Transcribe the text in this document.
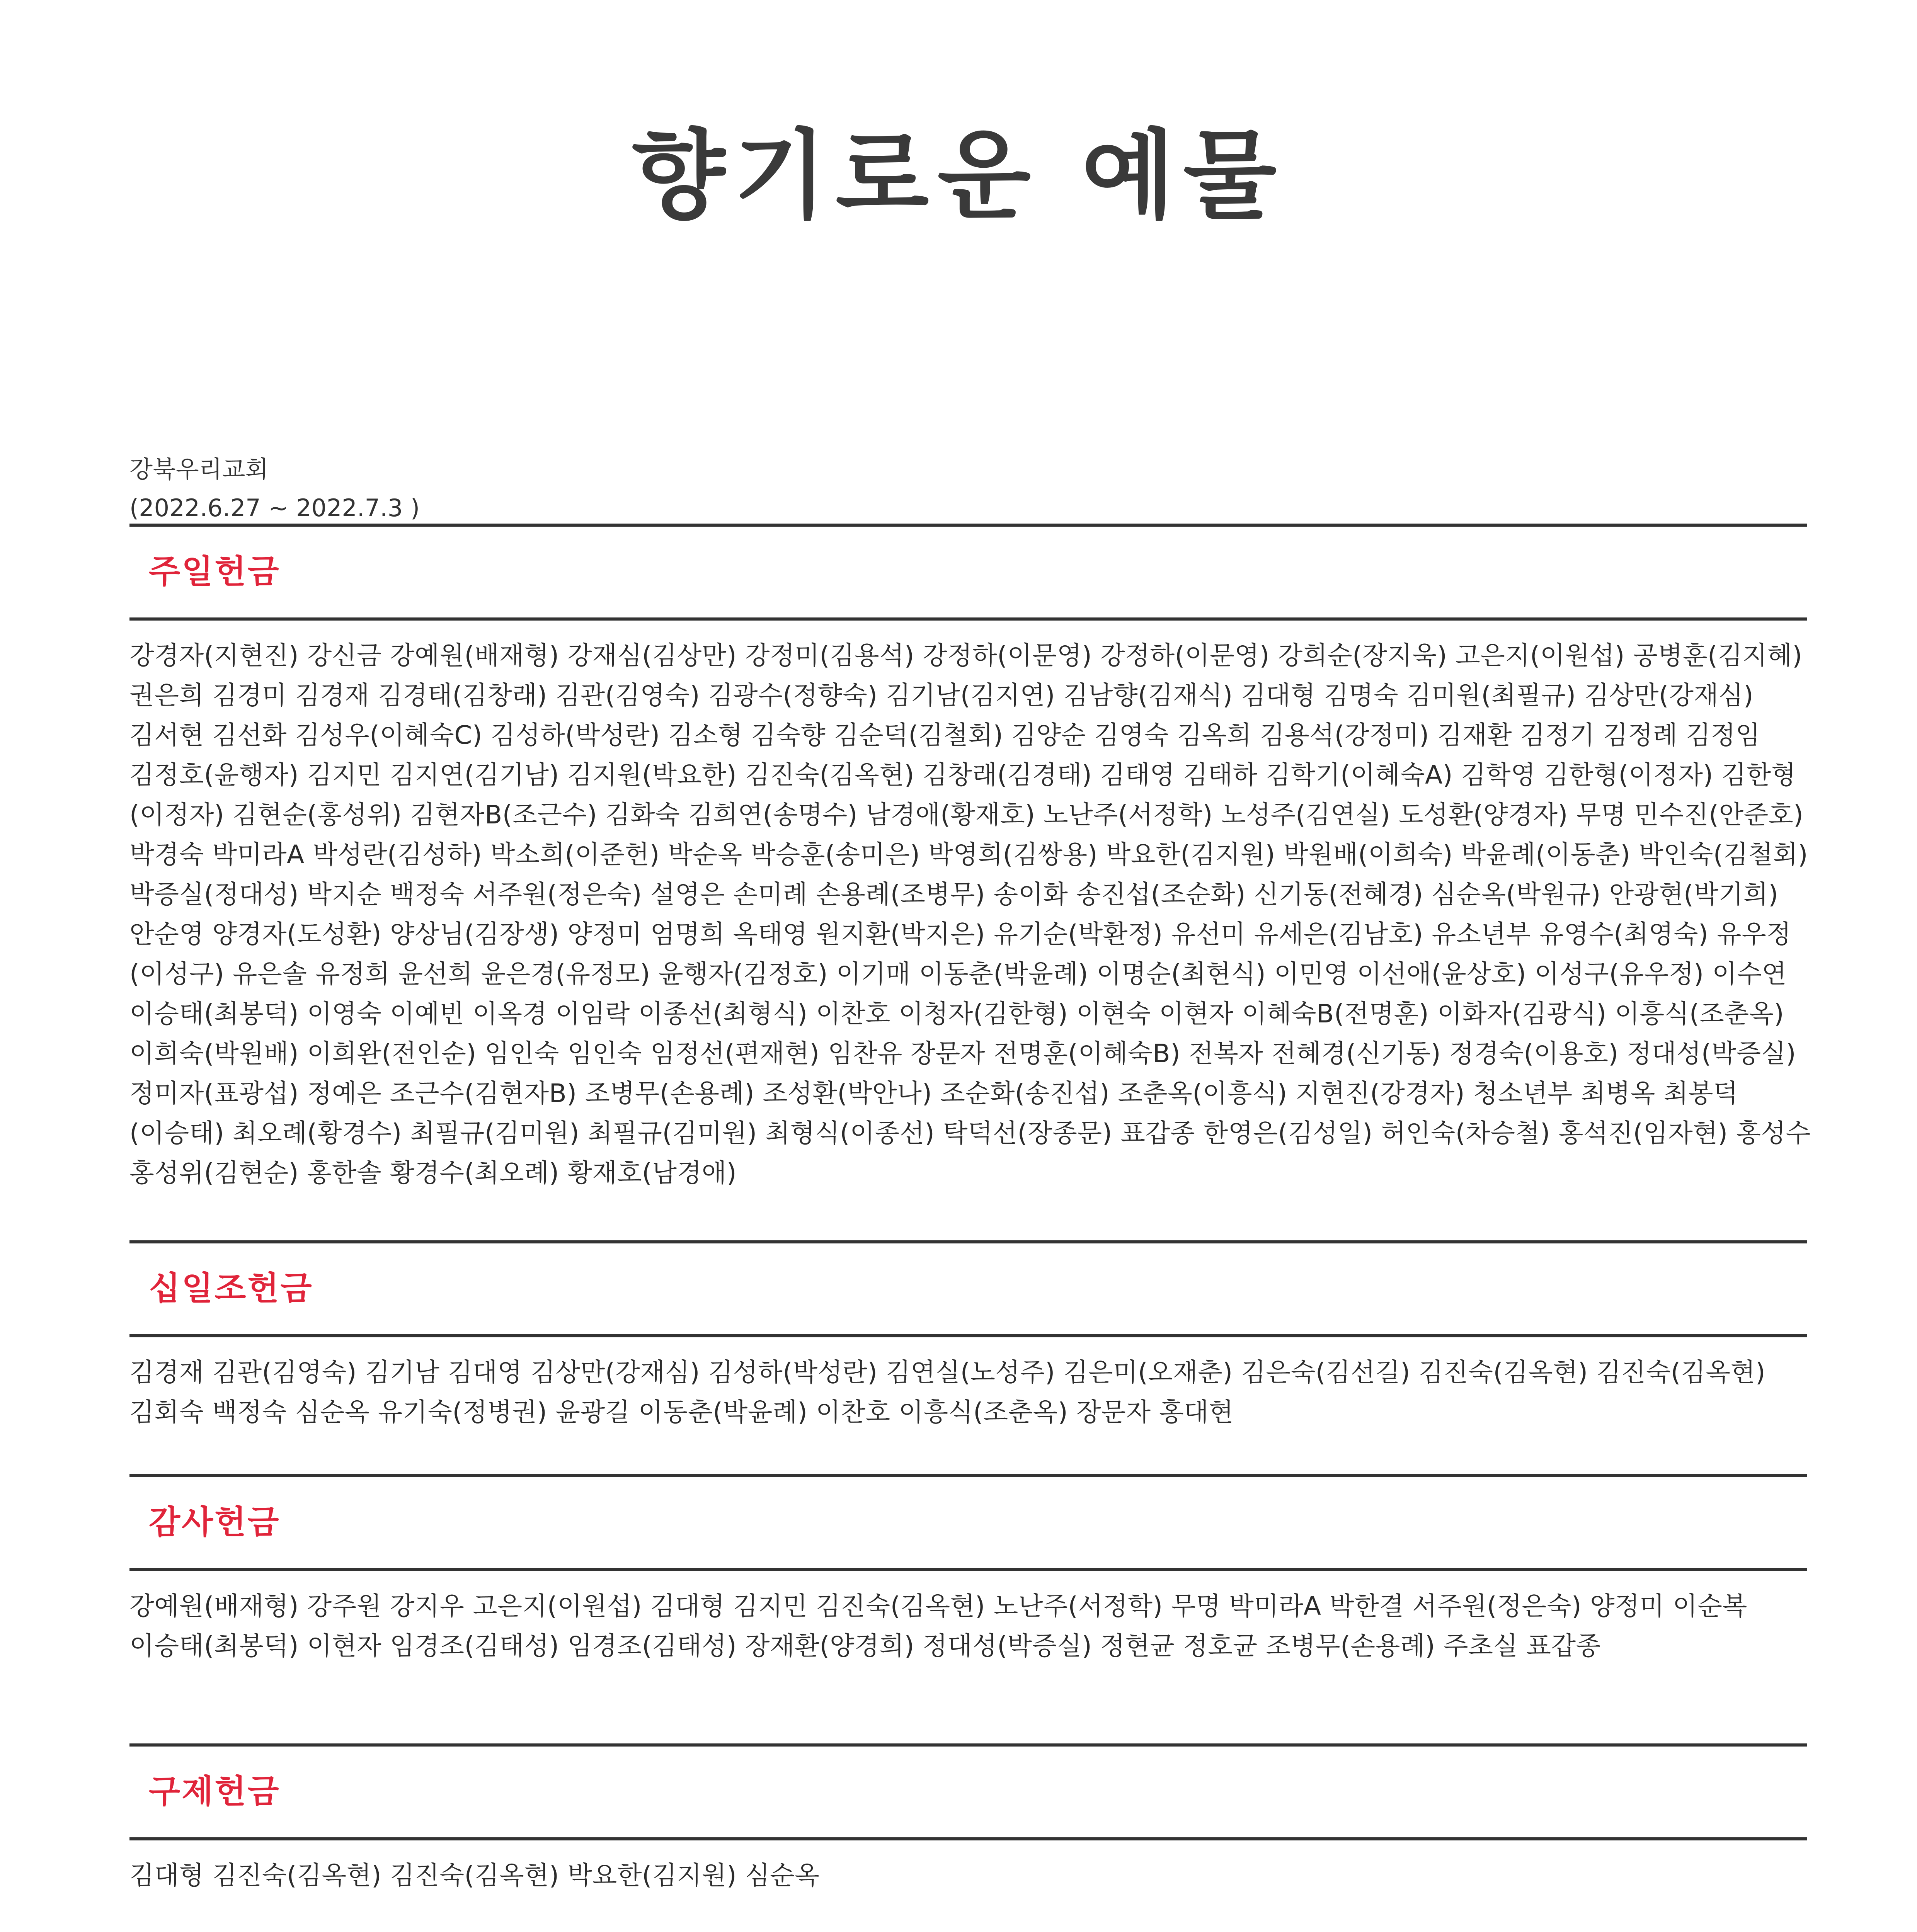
향기로운 예물
강북우리교회
(2022.6.27 ~ 2022.7.3 )
주일헌금
강경자(지현진) 강신금 강예원(배재형) 강재심(김상만) 강정미(김용석) 강정하(이문영) 강정하(이문영) 강희순(장지욱) 고은지(이원섭) 공병훈(김지혜) 권은희 김경미 김경재 김경태(김창래) 김관(김영숙) 김광수(정향숙) 김기남(김지연) 김남향(김재식) 김대형 김명숙 김미원(최필규) 김상만(강재심) 김서현 김선화 김성우(이혜숙C) 김성하(박성란) 김소형 김숙향 김순덕(김철회) 김양순 김영숙 김옥희 김용석(강정미) 김재환 김정기 김정례 김정임 김정호(윤행자) 김지민 김지연(김기남) 김지원(박요한) 김진숙(김옥현) 김창래(김경태) 김태영 김태하 김학기(이혜숙A) 김학영 김한형(이정자) 김한형(이정자) 김현순(홍성위) 김현자B(조근수) 김화숙 김희연(송명수) 남경애(황재호) 노난주(서정학) 노성주(김연실) 도성환(양경자) 무명 민수진(안준호) 박경숙 박미라A 박성란(김성하) 박소희(이준헌) 박순옥 박승훈(송미은) 박영희(김쌍용) 박요한(김지원) 박원배(이희숙) 박윤례(이동춘) 박인숙(김철회) 박증실(정대성) 박지순 백정숙 서주원(정은숙) 설영은 손미례 손용례(조병무) 송이화 송진섭(조순화) 신기동(전혜경) 심순옥(박원규) 안광현(박기희) 안순영 양경자(도성환) 양상님(김장생) 양정미 엄명희 옥태영 원지환(박지은) 유기순(박환정) 유선미 유세은(김남호) 유소년부 유영수(최영숙) 유우정(이성구) 유은솔 유정희 윤선희 윤은경(유정모) 윤행자(김정호) 이기매 이동춘(박윤례) 이명순(최현식) 이민영 이선애(윤상호) 이성구(유우정) 이수연 이승태(최봉덕) 이영숙 이예빈 이옥경 이임락 이종선(최형식) 이찬호 이청자(김한형) 이현숙 이현자 이혜숙B(전명훈) 이화자(김광식) 이흥식(조춘옥) 이희숙(박원배) 이희완(전인순) 임인숙 임인숙 임정선(편재현) 임찬유 장문자 전명훈(이혜숙B) 전복자 전혜경(신기동) 정경숙(이용호) 정대성(박증실) 정미자(표광섭) 정예은 조근수(김현자B) 조병무(손용례) 조성환(박안나) 조순화(송진섭) 조춘옥(이흥식) 지현진(강경자) 청소년부 최병옥 최봉덕(이승태) 최오례(황경수) 최필규(김미원) 최필규(김미원) 최형식(이종선) 탁덕선(장종문) 표갑종 한영은(김성일) 허인숙(차승철) 홍석진(임자현) 홍성수 홍성위(김현순) 홍한솔 황경수(최오례) 황재호(남경애)
십일조헌금
김경재 김관(김영숙) 김기남 김대영 김상만(강재심) 김성하(박성란) 김연실(노성주) 김은미(오재춘) 김은숙(김선길) 김진숙(김옥현) 김진숙(김옥현) 김회숙 백정숙 심순옥 유기숙(정병권) 윤광길 이동춘(박윤례) 이찬호 이흥식(조춘옥) 장문자 홍대현
감사헌금
강예원(배재형) 강주원 강지우 고은지(이원섭) 김대형 김지민 김진숙(김옥현) 노난주(서정학) 무명 박미라A 박한결 서주원(정은숙) 양정미 이순복 이승태(최봉덕) 이현자 임경조(김태성) 임경조(김태성) 장재환(양경희) 정대성(박증실) 정현균 정호균 조병무(손용례) 주초실 표갑종
구제헌금
김대형 김진숙(김옥현) 김진숙(김옥현) 박요한(김지원) 심순옥
